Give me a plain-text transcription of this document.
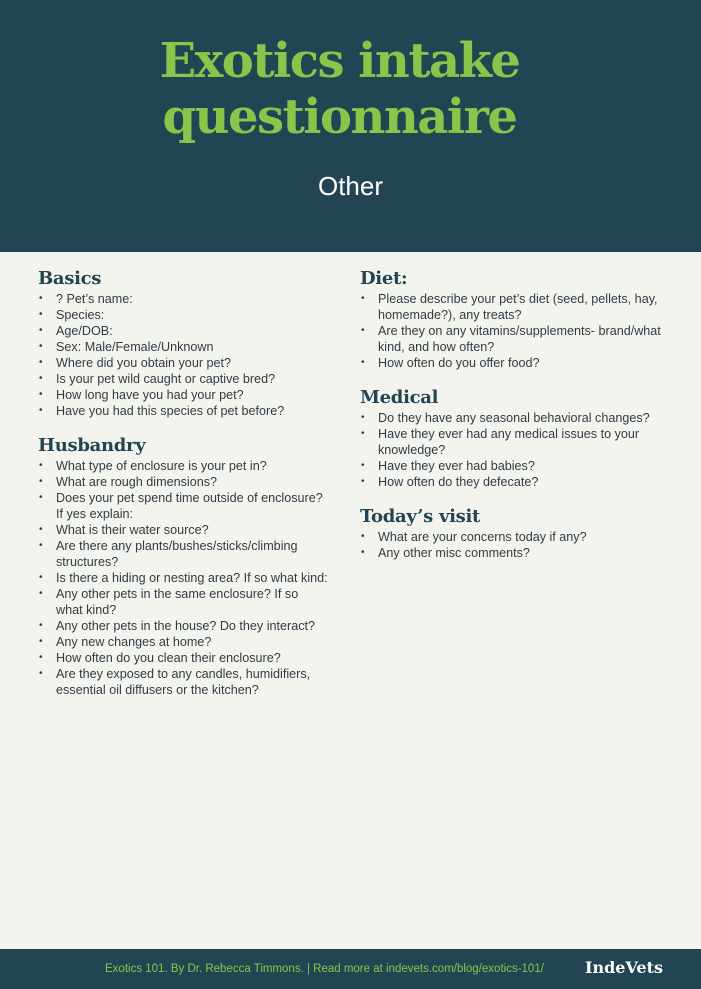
Exotics intake
questionnaire
Other
Basics
• ? Pet’s name:
• Species:
• Age/DOB:
• Sex: Male/Female/Unknown
• Where did you obtain your pet?
• Is your pet wild caught or captive bred?
• How long have you had your pet?
• Have you had this species of pet before?
Husbandry
• What type of enclosure is your pet in?
• What are rough dimensions?
• Does your pet spend time outside of enclosure? If yes explain:
• What is their water source?
• Are there any plants/bushes/sticks/climbing structures?
• Is there a hiding or nesting area? If so what kind:
• Any other pets in the same enclosure? If so what kind?
• Any other pets in the house? Do they interact?
• Any new changes at home?
• How often do you clean their enclosure?
• Are they exposed to any candles, humidifiers, essential oil diffusers or the kitchen?
Diet:
• Please describe your pet’s diet (seed, pellets, hay, homemade?), any treats?
• Are they on any vitamins/supplements- brand/what kind, and how often?
• How often do you offer food?
Medical
• Do they have any seasonal behavioral changes?
• Have they ever had any medical issues to your knowledge?
• Have they ever had babies?
• How often do they defecate?
Today’s visit
• What are your concerns today if any?
• Any other misc comments?
Exotics 101. By Dr. Rebecca Timmons. | Read more at indevets.com/blog/exotics-101/	IndeVets
